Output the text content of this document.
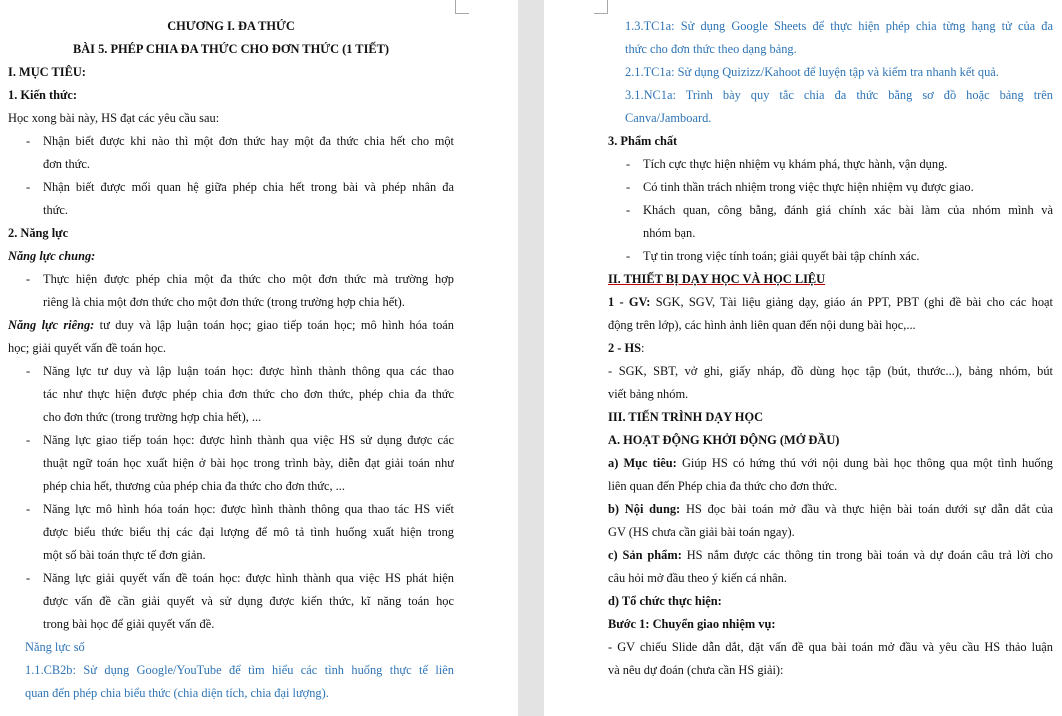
CHƯƠNG I. ĐA THỨC
BÀI 5. PHÉP CHIA ĐA THỨC CHO ĐƠN THỨC (1 TIẾT)
I. MỤC TIÊU:
1. Kiến thức:
Học xong bài này, HS đạt các yêu cầu sau:
- Nhận biết được khi nào thì một đơn thức hay một đa thức chia hết cho một
đơn thức.
- Nhận biết được mối quan hệ giữa phép chia hết trong bài và phép nhân đa
thức.
2. Năng lực
Năng lực chung:
- Thực hiện được phép chia một đa thức cho một đơn thức mà trường hợp
riêng là chia một đơn thức cho một đơn thức (trong trường hợp chia hết).
Năng lực riêng: tư duy và lập luận toán học; giao tiếp toán học; mô hình hóa toán
học; giải quyết vấn đề toán học.
- Năng lực tư duy và lập luận toán học: được hình thành thông qua các thao
tác như thực hiện được phép chia đơn thức cho đơn thức, phép chia đa thức
cho đơn thức (trong trường hợp chia hết), ...
- Năng lực giao tiếp toán học: được hình thành qua việc HS sử dụng được các
thuật ngữ toán học xuất hiện ở bài học trong trình bày, diễn đạt giải toán như
phép chia hết, thương của phép chia đa thức cho đơn thức, ...
- Năng lực mô hình hóa toán học: được hình thành thông qua thao tác HS viết
được biểu thức biểu thị các đại lượng để mô tả tình huống xuất hiện trong
một số bài toán thực tế đơn giản.
- Năng lực giải quyết vấn đề toán học: được hình thành qua việc HS phát hiện
được vấn đề cần giải quyết và sử dụng được kiến thức, kĩ năng toán học
trong bài học để giải quyết vấn đề.
Năng lực số
1.1.CB2b: Sử dụng Google/YouTube để tìm hiểu các tình huống thực tế liên
quan đến phép chia biểu thức (chia diện tích, chia đại lượng).
1.3.TC1a: Sử dụng Google Sheets để thực hiện phép chia từng hạng tử của đa
thức cho đơn thức theo dạng bảng.
2.1.TC1a: Sử dụng Quizizz/Kahoot để luyện tập và kiểm tra nhanh kết quả.
3.1.NC1a: Trình bày quy tắc chia đa thức bằng sơ đồ hoặc bảng trên
Canva/Jamboard.
3. Phẩm chất
- Tích cực thực hiện nhiệm vụ khám phá, thực hành, vận dụng.
- Có tinh thần trách nhiệm trong việc thực hiện nhiệm vụ được giao.
- Khách quan, công bằng, đánh giá chính xác bài làm của nhóm mình và
nhóm bạn.
- Tự tin trong việc tính toán; giải quyết bài tập chính xác.
II. THIẾT BỊ DẠY HỌC VÀ HỌC LIỆU
1 - GV: SGK, SGV, Tài liệu giảng dạy, giáo án PPT, PBT (ghi đề bài cho các hoạt
động trên lớp), các hình ảnh liên quan đến nội dung bài học,...
2 - HS:
- SGK, SBT, vở ghi, giấy nháp, đồ dùng học tập (bút, thước...), bảng nhóm, bút
viết bảng nhóm.
III. TIẾN TRÌNH DẠY HỌC
A. HOẠT ĐỘNG KHỞI ĐỘNG (MỞ ĐẦU)
a) Mục tiêu: Giúp HS có hứng thú với nội dung bài học thông qua một tình huống
liên quan đến Phép chia đa thức cho đơn thức.
b) Nội dung: HS đọc bài toán mở đầu và thực hiện bài toán dưới sự dẫn dắt của
GV (HS chưa cần giải bài toán ngay).
c) Sản phẩm: HS nắm được các thông tin trong bài toán và dự đoán câu trả lời cho
câu hỏi mở đầu theo ý kiến cá nhân.
d) Tổ chức thực hiện:
Bước 1: Chuyển giao nhiệm vụ:
- GV chiếu Slide dẫn dắt, đặt vấn đề qua bài toán mở đầu và yêu cầu HS thảo luận
và nêu dự đoán (chưa cần HS giải):
